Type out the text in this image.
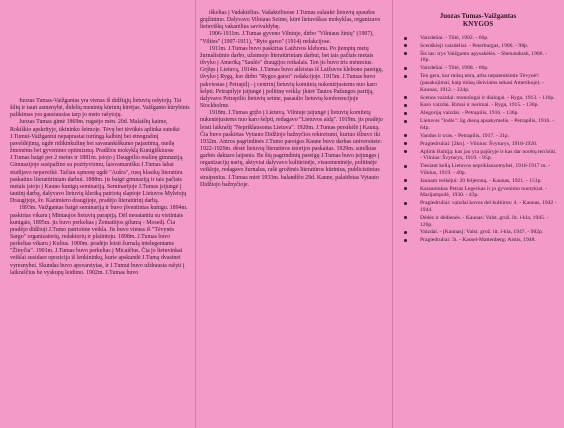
Juozas Tumas-Vaižgantas yra vienas iš didžiųjų lietuvių rašytojų. Tai šiltų ir tauri asmenybė, didelių meninių kūrinių kūrėjas. Vaižganto kūrybinis palikimas yra gausiausias tarp jo meto rašytojų.

Juozas Tumas gimė 1869m. rugsėjo mėn. 20d. Malaišių kaime, Rokiškio apskrityje, ūkininko šeimoje. Tėvų bei tėvūkės aplinka suteikė J.Tumui-Vaižgantui nepaprastai turtingą kalbinį bei etnografinį paveldėjimą, ugdė ridikinkulinę bei savarankiškumo pajautimą, meilę žmonėms bei gyvenimo optimizmą. Pradžios mokyklą Kunigiškiuose J.Tumas baigė per 2 metus ir 1881m. įstojo į Daugpilio realinę gimnaziją. Gimnazijoje susipažino su pozityvizmu, laisvamanišku J.Tumas labai studijavo nepaveikė. Tačiau sąmonę ugdė "Aušra", rusų klasikų literatūra paskatino literatūriniam darbui. 1888m. jis baigė gimnaziją ir tais pačiais metais įstojo į Kauno kunigų seminariją. Seminarijoje J.Tumas įsijungė į tautinį darbą, dalyvavo lietuvių kleriką patriotų slaptoje Lietuvos Myletojų Draugijoje, šv. Kazimiero draugijoje, pradėjo literatūrinį darbą.

1893m. Vaižgantas baigė seminariją ir buvo įšventintas kunigu. 1894m. paskirtas vikaru į Mintaujos lietuvių parapiją. Dėl neoatantiu su vietiniais kunigais, 1895m. jis buvo perkeltas į Žemaitijos gilumą - Mosedį. Čia pradėjo didžioji J.Tumo patriotine veikla. Jis buvo vienas iš "Tėvynės Sargo" organizatorių, redaktorių ir platintoju. 1898m. J.Tumas buvo perkeltas vikaru į Kulius. 1900m. pradėjo leisti žurnalą intelegentams "Žinyčia". 1901m. J.Tumas buvo perkeltas į Micaičius. Čia jo lietuvinkai veiklai susidare opozicija iš lenkininkų, kurie apskundė J.Tumą dvasinei vyresnybei. Skundas buvo apsvarstytas, ir J.Tumui buvo uždrausta rašyti į laikraščius be vyskupų leidimo. 1902m. J.Tumas buvo

iškeltas į Vadaktėlius. Vadaktėliuose J.Tumas sulaukė lietuvių spaudos grąžinimo. Dalyvavo Vilniaus Seime, kūrė lietuviškas mokyklas, organizavo lietuviškų vakarėlius savivaldybę.

1906-1911m. J.Tumas gyveno Vilniuje, dirbo "Vilniaus žinių" (1907), "Vilties" (1907-1911), "Ryto garso" (1914) redakcijose.

1911m. J.Tumas buvo paskirtas Laižuvos klebonu. Po įtemptų metų žurnalistinio darbo, užsimojo literatūriniam darbui, bet tais pačiais metais išvyko į Ameriką "Saulės" draugijos reikalais. Ten jis buvo tris mėnesius. Grįžęs į Lietuvą, 1914m. J.Tumas buvo atleistas iš Laižuvos klebono pareigų, išvyko į Rygą, kur dirbo "Rygos garso" redakcijoje. 1915m. J.Tumas buvo pakviestas į Petrapilį - į centrinį lietuvių komitetą nukentėjusiems nuo karo šelpti. Petrapilyje įsijungė į politinę veiklą: įkūrė Tautos Pažangos partiją, dalyvavo Petrapilio lietuvių seime, pasaulio lietuvių konferencijoje Stockholme.

1918m. J.Tumas grįžo į Lietuvą. Vilniuje įsijungė į lietuvių komitetą nukentėjusiems nuo karo šelpti, redagavo "Lietuvos aidą". 1919m. jis pradėjo leisti laikraštį "Nepriklausoma Lietuva". 1920m. J.Tumas persikėlė į Kauną. Čia buvo paskirtas Vytauto Didžiojo bažnyčios rektoriumi, kuriuo išbuvo iki 1932m. Antros pagrindinės J.Tumo pareigos Kaune buvo darbas universitete: 1922-1929m. dėstė lietuvių literatūros istorijos paskaitas. 1929m. sutelktas garbės daktaro laipsnis. Be šių pagrindinių pareigų J.Tumas buvo įsijungęs į organizacijų narių, aktyviai dalyvavo kultūrinėje, visuomeninėje, politinėje veikloje, redagavo žurnalus, rašė grožinės literatūros kūrinius, publicistinius straipsnius. J.Tumas mirė 1933m. balandžio 29d. Kaune, palaidotas Vytauto Didžiojo bažnyčioje.

Juozas Tumas-Vaižgantas
KNYGOS
Vaizdeliai. - Tiltė, 1902. - 60p.
Scenškieji vaizdeliai. - Peterburgas, 1906. - 98p.
Šis tas: trys Vaižganto apysakėlės. - Shenandoah, 1906. - 18p.
Vaizdeliai. - Tiltė, 1908. - 60p.
Ten gera, kur mūsų nėra, arba nepatenkintie Tėvynė!: (pasakojimai, kaip mūsų išeiviams sekasi Amerikoje). - Kaunas, 1912. - 224p.
Scenos vaizdai: monologai ir dialogai. - Ryga, 1913. - 116p.
Karo vaizdai. Rimai ir nerimai. - Ryga, 1915. - 136p.
Alegorijų vaizdai. - Petrapilis, 1916. - 136p.
Lietuvos "Iodis": lig dieną apsakymelis. - Petrapilis, 1916. - 64p.
Vandus ir oras. - Petrapilis, 1917. - 31p.
Pragiedruliai: [2kn]. - Vilnius: Švyturys, 1918-1920.
Aplink Baltiją: kas jau yra pajūryje ir kas dar norėtų ten būti. - Vilnius: Švyturys, 1919. - 95p.
Tiesiant kelią Lietuvos nepriklausomybei, 1916-1917 m. - Vilnius, 1919. - 40p.
Jaunam veikėjui: 20 feljetonų. - Kaunas, 1921. - 151p.
Katauninkas Petras Legeckas ir jo gyvenimo nuotykiai. - Marijampolė, 1930. - 43p.
Pragiedruliai: vaizdai kovos del kultūros: 4. - Kaunas, 1942 - 1944.
Dėdės ir dėdienės. - Kaunas: Valst. grož. lit. l-kla, 1945. - 126p.
Vaizdai. - [Kaunas]: Valst. grož. lit. l-kla, 1947. - 982p.
Pragiedruliai: 3t. - Kassel-Mattenberg: Aistis, 1948.
